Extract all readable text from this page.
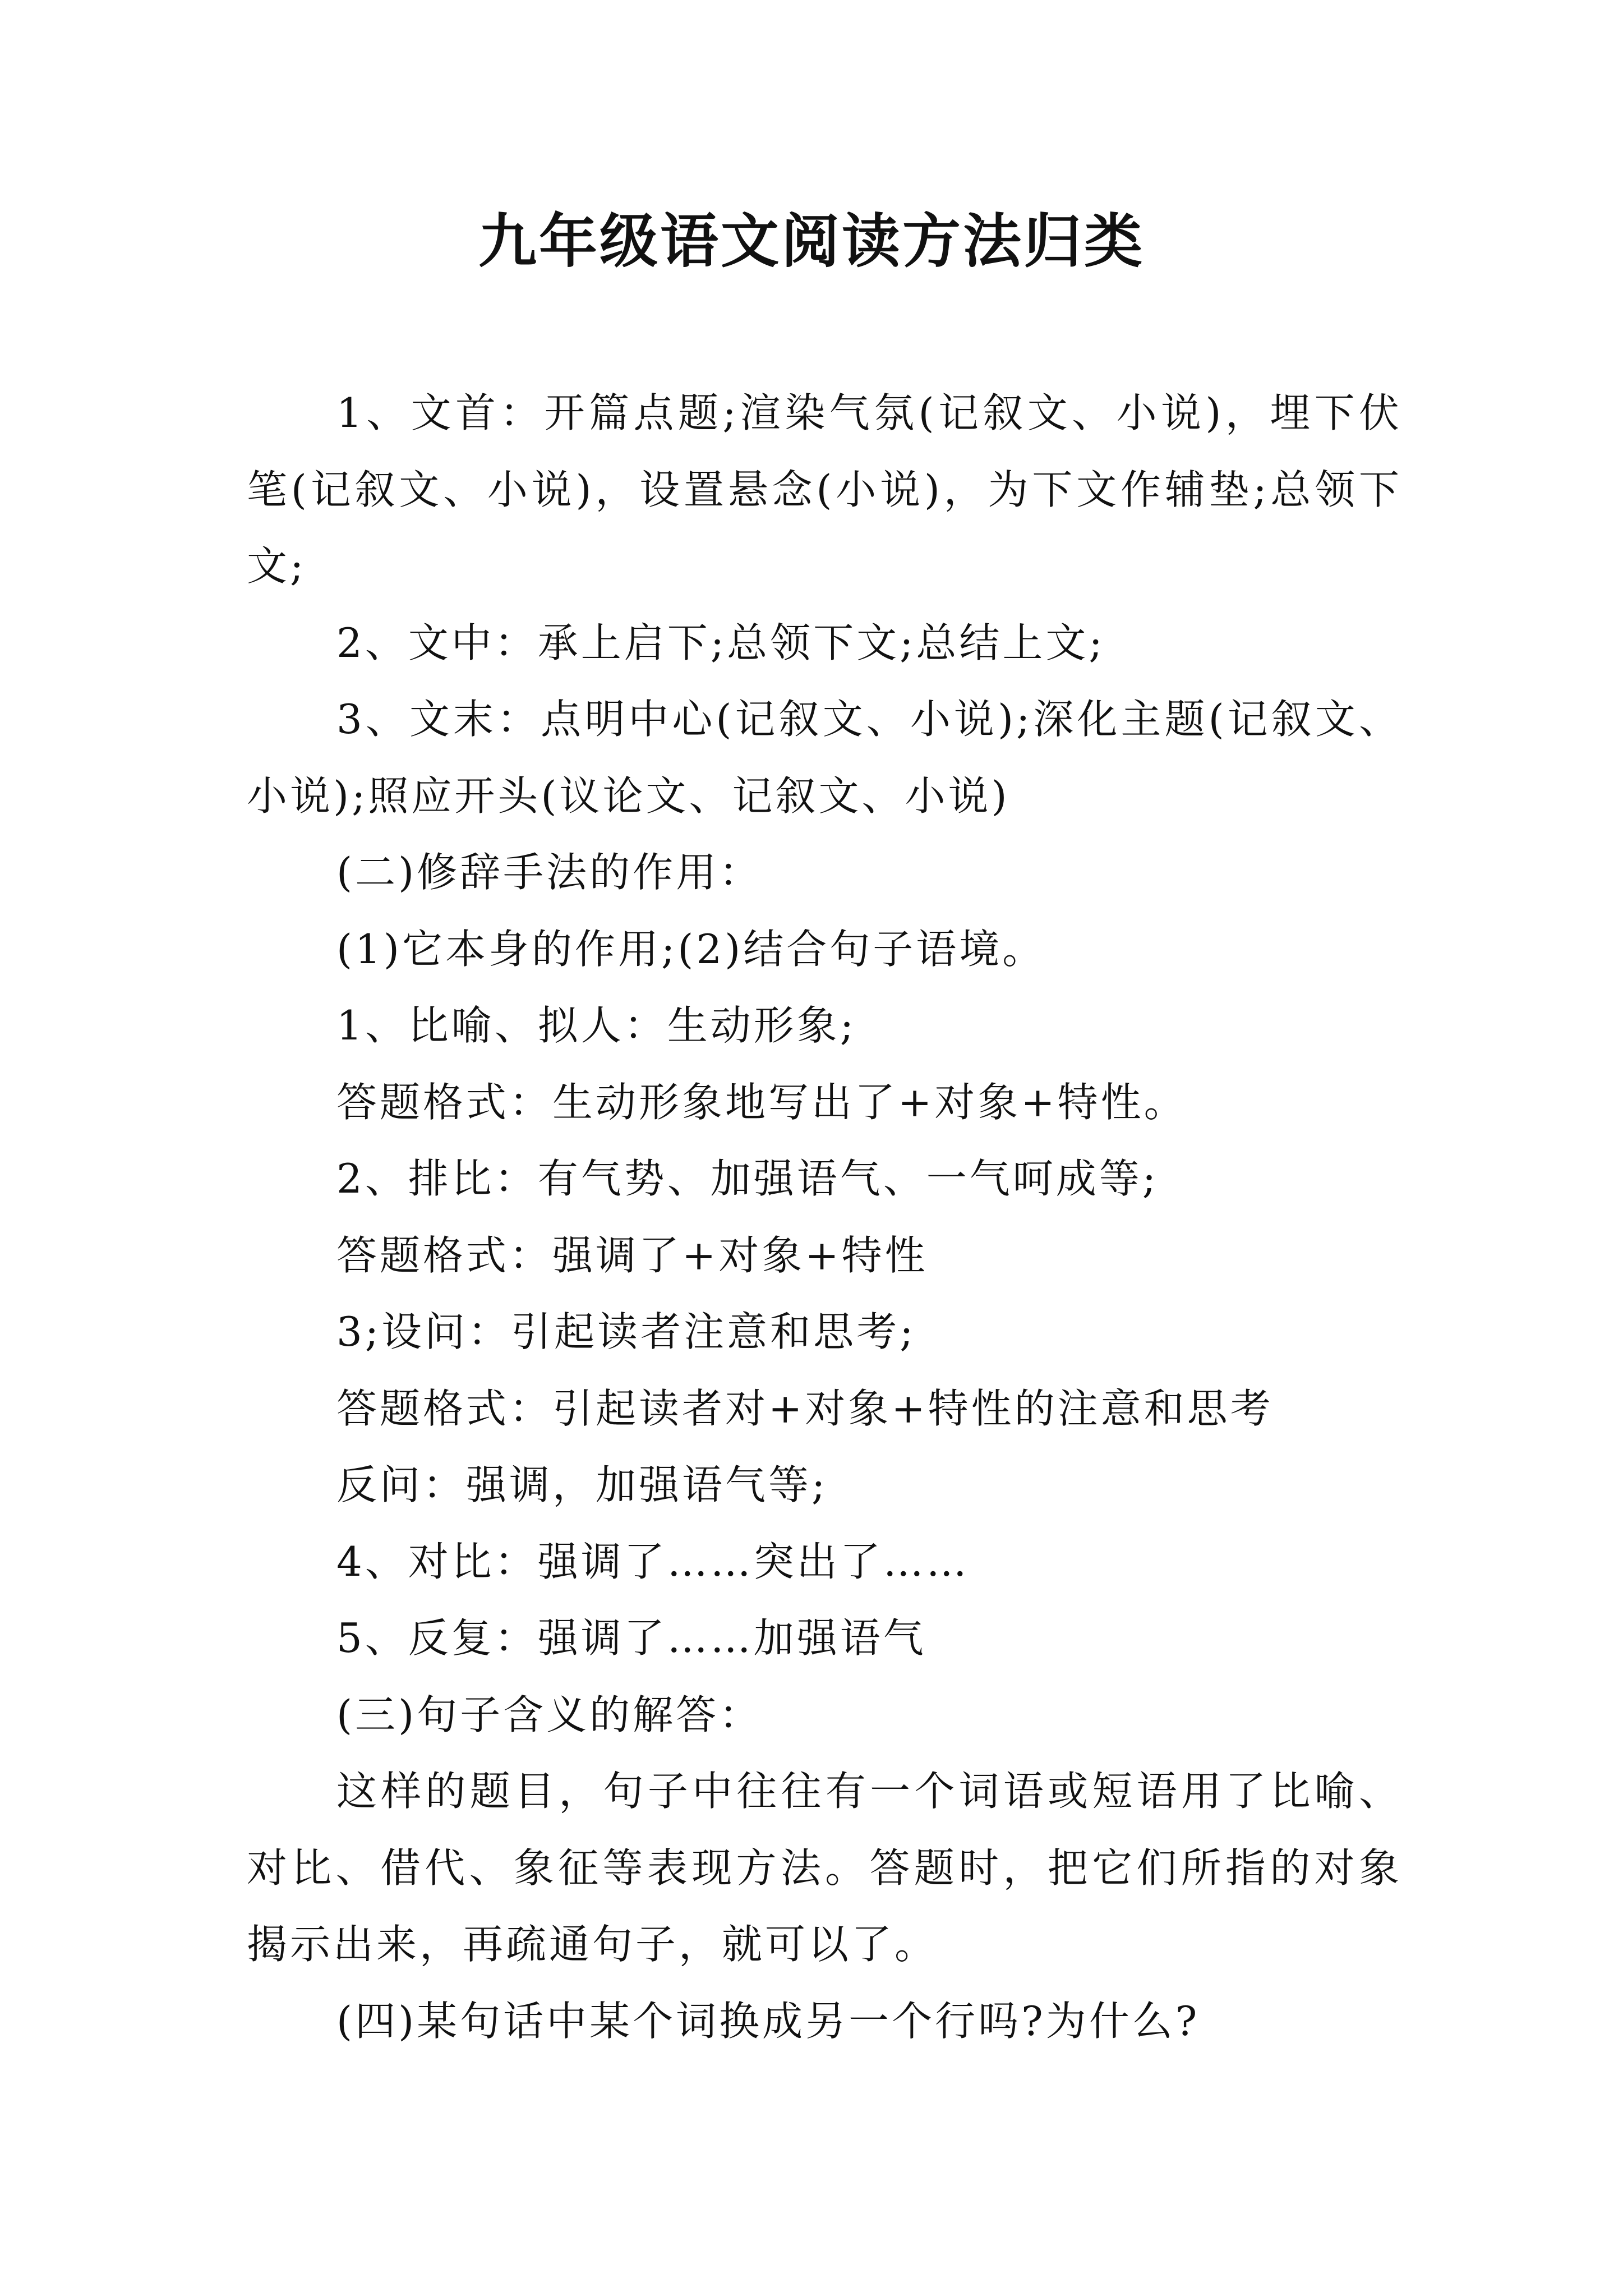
九年级语文阅读方法归类

1、文首：开篇点题;渲染气氛(记叙文、小说)，埋下伏笔(记叙文、小说)，设置悬念(小说)，为下文作辅垫;总领下文;

2、文中：承上启下;总领下文;总结上文;

3、文末：点明中心(记叙文、小说);深化主题(记叙文、小说);照应开头(议论文、记叙文、小说)

(二)修辞手法的作用：

(1)它本身的作用;(2)结合句子语境。

1、比喻、拟人：生动形象;

答题格式：生动形象地写出了+对象+特性。

2、排比：有气势、加强语气、一气呵成等;

答题格式：强调了+对象+特性

3;设问：引起读者注意和思考;

答题格式：引起读者对+对象+特性的注意和思考

反问：强调，加强语气等;

4、对比：强调了……突出了……

5、反复：强调了……加强语气

(三)句子含义的解答：

这样的题目，句子中往往有一个词语或短语用了比喻、对比、借代、象征等表现方法。答题时，把它们所指的对象揭示出来，再疏通句子，就可以了。

(四)某句话中某个词换成另一个行吗?为什么?
